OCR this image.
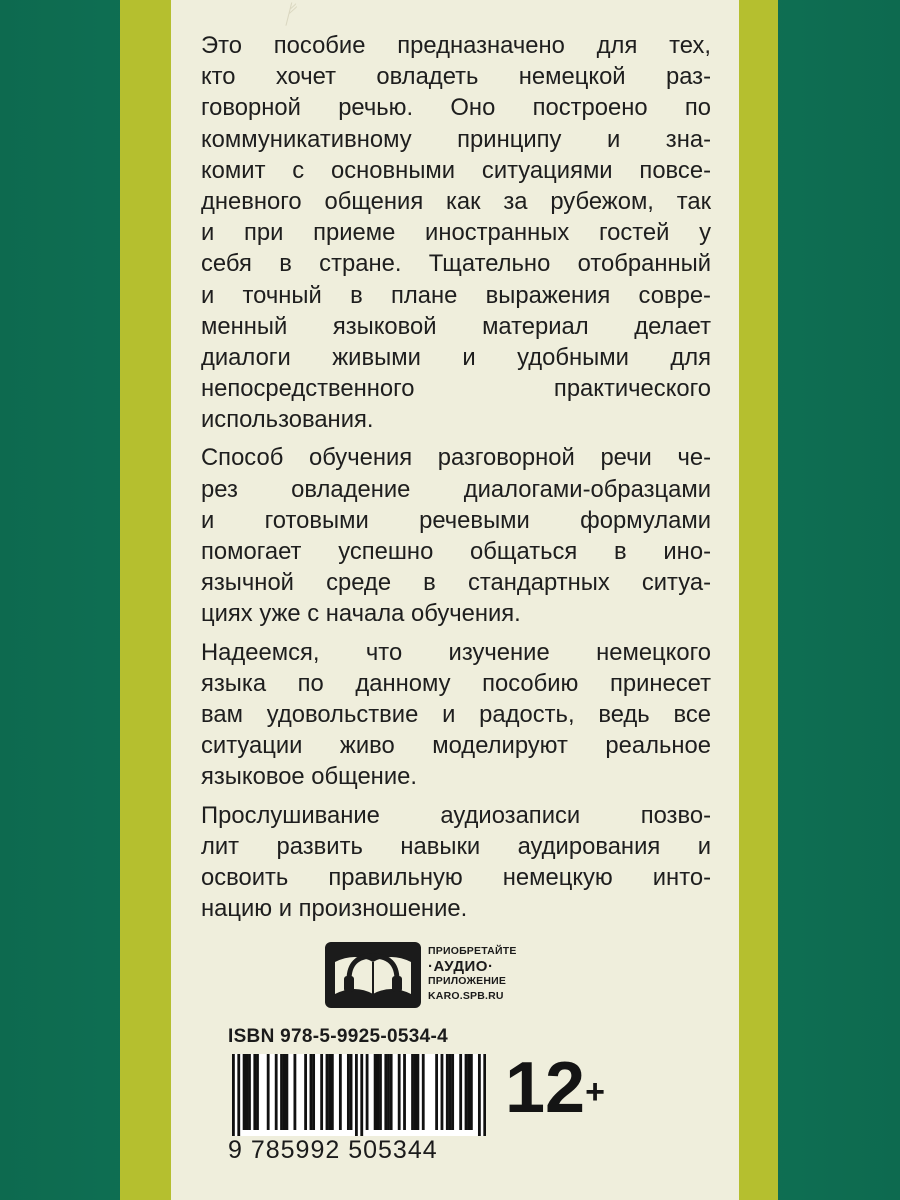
ᚠ

Это пособие предназначено для тех,
кто хочет овладеть немецкой раз-
говорной речью. Оно построено по
коммуникативному принципу и зна-
комит с основными ситуациями повсе-
дневного общения как за рубежом, так
и при приеме иностранных гостей у
себя в стране. Тщательно отобранный
и точный в плане выражения совре-
менный языковой материал делает
диалоги живыми и удобными для
непосредственного практического
использования.

Способ обучения разговорной речи че-
рез овладение диалогами-образцами
и готовыми речевыми формулами
помогает успешно общаться в ино-
язычной среде в стандартных ситуа-
циях уже с начала обучения.

Надеемся, что изучение немецкого
языка по данному пособию принесет
вам удовольствие и радость, ведь все
ситуации живо моделируют реальное
языковое общение.

Прослушивание аудиозаписи позво-
лит развить навыки аудирования и
освоить правильную немецкую инто-
нацию и произношение.

ПРИОБРЕТАЙТЕ
·АУДИО·
ПРИЛОЖЕНИЕ
KARO.SPB.RU
ISBN 978-5-9925-0534-4
9 785992 505344
12+
